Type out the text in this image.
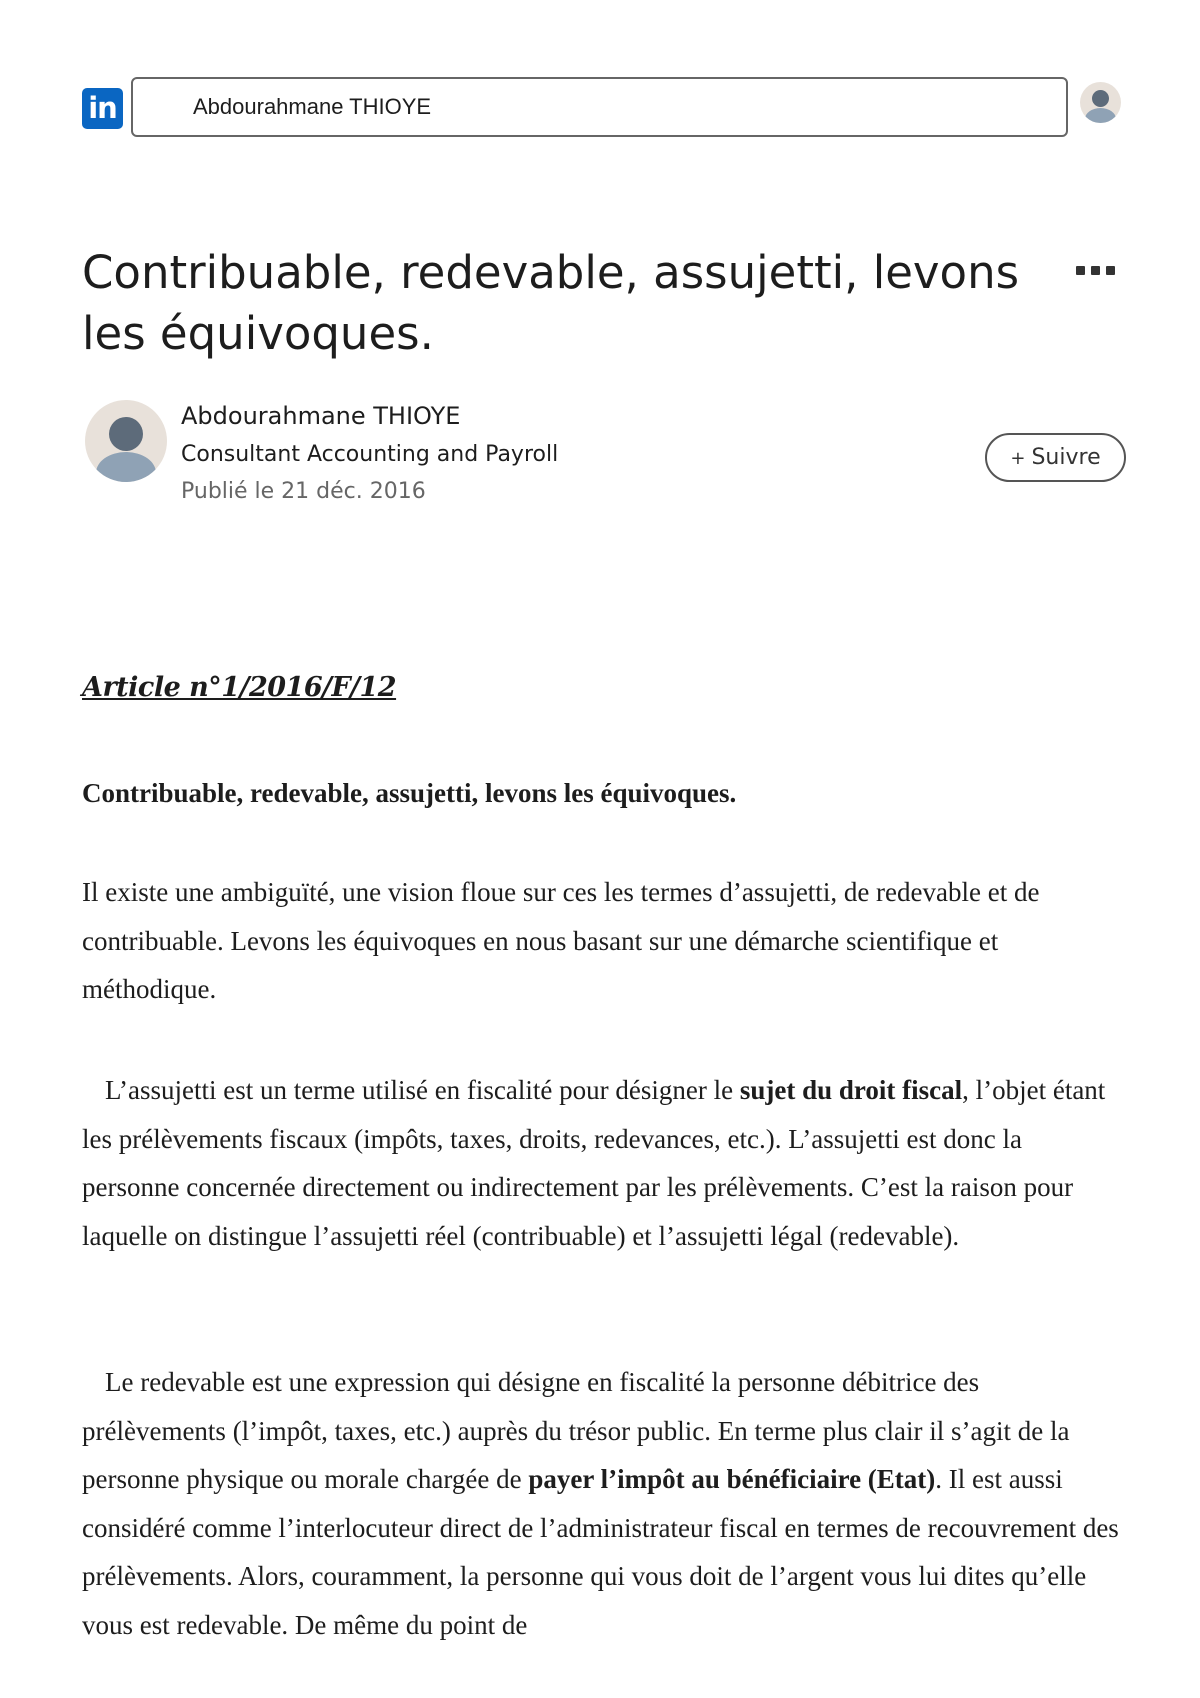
in	Abdourahmane THIOYE
Contribuable, redevable, assujetti, levons les équivoques.
Abdourahmane THIOYE
Consultant Accounting and Payroll
Publié le 21 déc. 2016
+ Suivre

Article n°1/2016/F/12

Contribuable, redevable, assujetti, levons les équivoques.

Il existe une ambiguïté, une vision floue sur ces les termes d’assujetti, de redevable et de contribuable. Levons les équivoques en nous basant sur une démarche scientifique et méthodique.

L’assujetti est un terme utilisé en fiscalité pour désigner le sujet du droit fiscal, l’objet étant les prélèvements fiscaux (impôts, taxes, droits, redevances, etc.). L’assujetti est donc la personne concernée directement ou indirectement par les prélèvements. C’est la raison pour laquelle on distingue l’assujetti réel (contribuable) et l’assujetti légal (redevable).

Le redevable est une expression qui désigne en fiscalité la personne débitrice des prélèvements (l’impôt, taxes, etc.) auprès du trésor public. En terme plus clair il s’agit de la personne physique ou morale chargée de payer l’impôt au bénéficiaire (Etat). Il est aussi considéré comme l’interlocuteur direct de l’administrateur fiscal en termes de recouvrement des prélèvements. Alors, couramment, la personne qui vous doit de l’argent vous lui dites qu’elle vous est redevable. De même du point de
